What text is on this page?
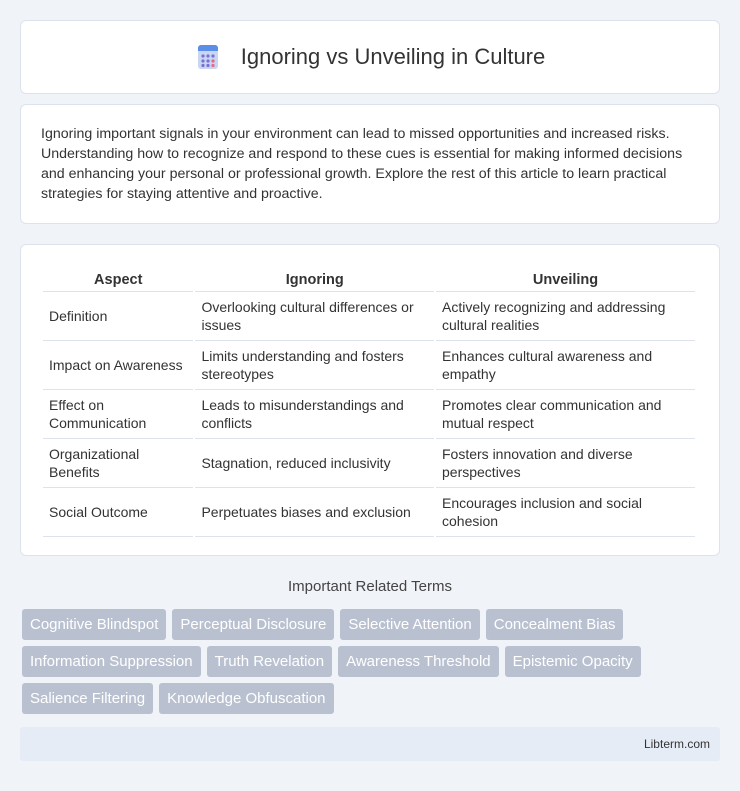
Ignoring vs Unveiling in Culture

Ignoring important signals in your environment can lead to missed opportunities and increased risks. Understanding how to recognize and respond to these cues is essential for making informed decisions and enhancing your personal or professional growth. Explore the rest of this article to learn practical strategies for staying attentive and proactive.

Aspect	Ignoring	Unveiling
Definition	Overlooking cultural differences or issues	Actively recognizing and addressing cultural realities
Impact on Awareness	Limits understanding and fosters stereotypes	Enhances cultural awareness and empathy
Effect on Communication	Leads to misunderstandings and conflicts	Promotes clear communication and mutual respect
Organizational Benefits	Stagnation, reduced inclusivity	Fosters innovation and diverse perspectives
Social Outcome	Perpetuates biases and exclusion	Encourages inclusion and social cohesion
Important Related Terms
Cognitive Blindspot	Perceptual Disclosure	Selective Attention	Concealment Bias
Information Suppression	Truth Revelation	Awareness Threshold	Epistemic Opacity
Salience Filtering	Knowledge Obfuscation
Libterm.com
